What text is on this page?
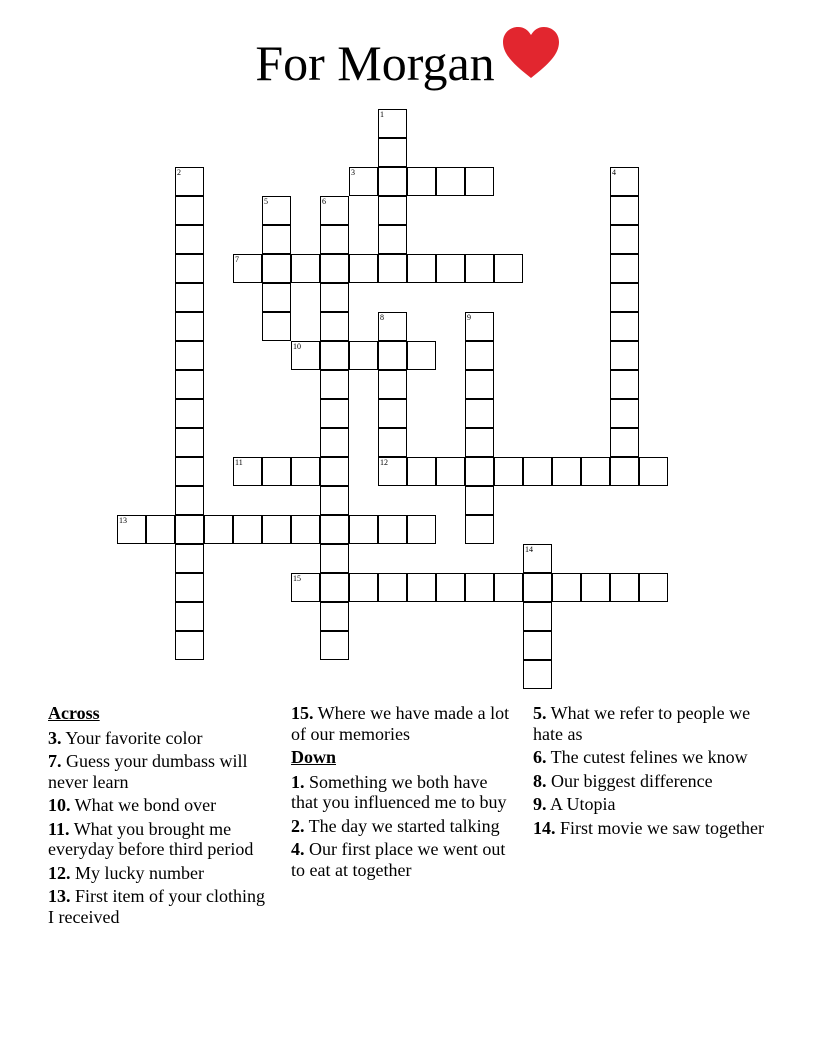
For Morgan
1
2	3	4
5	6
7
8
12
9
10
11
13
14
15

Across

3. Your favorite color

7. Guess your dumbass will never learn

10. What we bond over

11. What you brought me everyday before third period

12. My lucky number

13. First item of your clothing I received

15. Where we have made a lot of our memories

Down

1. Something we both have that you influenced me to buy

2. The day we started talking

4. Our first place we went out to eat at together

5. What we refer to people we hate as

6. The cutest felines we know

8. Our biggest difference

9. A Utopia

14. First movie we saw together
